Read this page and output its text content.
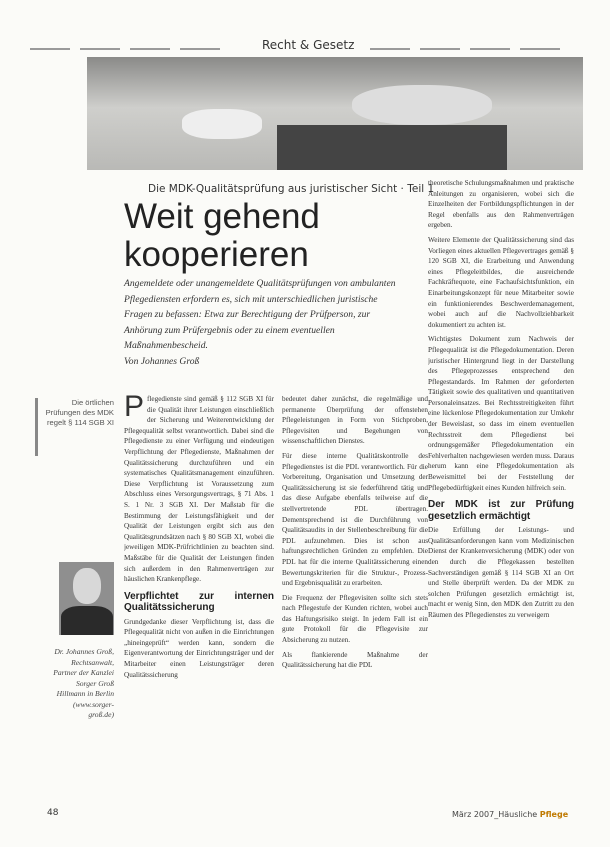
Recht & Gesetz
Die MDK-Qualitätsprüfung aus juristischer Sicht · Teil 1
Weit gehend
kooperieren
Angemeldete oder unangemeldete Qualitätsprüfungen von ambulanten Pflegediensten erfordern es, sich mit unterschiedlichen juristische Fragen zu befassen: Etwa zur Berechtigung der Prüfperson, zur Anhörung zum Prüfergebnis oder zu einem eventuellen Maßnahmenbescheid.
Von Johannes Groß
Die örtlichen Prüfungen des MDK regelt § 114 SGB XI
Dr. Johannes Groß, Rechtsanwalt, Partner der Kanzlei Sorger Groß Hillmann in Berlin (www.sorger-groß.de)

Pflegedienste sind gemäß § 112 SGB XI für die Qualität ihrer Leistungen einschließlich der Sicherung und Weiterentwicklung der Pflegequalität selbst verantwortlich. Dabei sind die Pflegedienste zu einer Verfügung und eindeutigen Verpflichtung der Pflegedienste, Maßnahmen der Qualitätssicherung durchzuführen und ein systematisches Qualitätsmanagement einzuführen. Diese Verpflichtung ist Voraussetzung zum Abschluss eines Versorgungsvertrags, § 71 Abs. 1 S. 1 Nr. 3 SGB XI. Der Maßstab für die Bestimmung der Leistungsfähigkeit und der Qualität der Leistungen ergibt sich aus den Qualitätsgrundsätzen nach § 80 SGB XI, wobei die jeweiligen MDK-Prüfrichtlinien zu beachten sind. Maßstäbe für die Qualität der Leistungen finden sich außerdem in den Rahmenverträgen zur häuslichen Krankenpflege.

Verpflichtet zur internen Qualitätssicherung

Grundgedanke dieser Verpflichtung ist, dass die Pflegequalität nicht von außen in die Einrichtungen „hineingeprüft“ werden kann, sondern die Eigenverantwortung der Einrichtungsträger und der Mitarbeiter einen Leistungsträger deren Qualitätssicherung

bedeutet daher zunächst, die regelmäßige und permanente Überprüfung der offenstehen Pflegeleistungen in Form von Stichproben, Pflegevisiten und Begehungen von wissenschaftlichen Dienstes.

Für diese interne Qualitätskontrolle des Pflegedienstes ist die PDL verantwortlich. Für die Vorbereitung, Organisation und Umsetzung der Qualitätssicherung ist sie federführend tätig und das diese Aufgabe ebenfalls teilweise auf die stellvertretende PDL übertragen. Dementsprechend ist die Durchführung von Qualitätsaudits in der Stellenbeschreibung für die PDL aufzunehmen. Dies ist schon aus haftungsrechtlichen Gründen zu empfehlen. Die PDL hat für die interne Qualitätssicherung einen Bewertungskriterien für die Struktur-, Prozess- und Ergebnisqualität zu erarbeiten.

Die Frequenz der Pflegevisiten sollte sich stets nach Pflegestufe der Kunden richten, wobei auch das Haftungsrisiko steigt. In jedem Fall ist ein gute Protokoll für die Pflegevisite zur Absicherung zu nutzen.

Als flankierende Maßnahme der Qualitätssicherung hat die PDL

theoretische Schulungsmaßnahmen und praktische Anleitungen zu organisieren, wobei sich die Einzelheiten der Fortbildungspflichtungen in der Regel ebenfalls aus den Rahmenverträgen ergeben.

Weitere Elemente der Qualitätssicherung sind das Vorliegen eines aktuellen Pflegevertrages gemäß § 120 SGB XI, die Erarbeitung und Anwendung eines Pflegeleitbildes, die ausreichende Fachkräftequote, eine Fachaufsichtsfunktion, ein Einarbeitungskonzept für neue Mitarbeiter sowie ein funktionierendes Beschwerdemanagement, wobei auch auf die Nachvollziehbarkeit dokumentiert zu achten ist.

Wichtigstes Dokument zum Nachweis der Pflegequalität ist die Pflegedokumentation. Deren juristischer Hintergrund liegt in der Darstellung des Pflegeprozesses entsprechend den Pflegestandards. Im Rahmen der geforderten Tätigkeit sowie des qualitativen und quantitativen Personaleinsatzes. Bei Rechtsstreitigkeiten führt eine lückenlose Pflegedokumentation zur Umkehr der Beweislast, so dass im einem eventuellen Rechtsstreit dem Pflegedienst bei ordnungsgemäßer Pflegedokumentation ein Fehlverhalten nachgewiesen werden muss. Daraus herum kann eine Pflegedokumentation als Beweismittel bei der Feststellung der Pflegebedürftigkeit eines Kunden hilfreich sein.

Der MDK ist zur Prüfung gesetzlich ermächtigt

Die Erfüllung der Leistungs- und Qualitätsanforderungen kann vom Medizinischen Dienst der Krankenversicherung (MDK) oder von den durch die Pflegekassen bestellten Sachverständigen gemäß § 114 SGB XI an Ort und Stelle überprüft werden. Da der MDK zu solchen Prüfungen gesetzlich ermächtigt ist, macht er wenig Sinn, den MDK den Zutritt zu den Räumen des Pflegedienstes zu verweigern

48	März 2007_Häusliche Pflege
